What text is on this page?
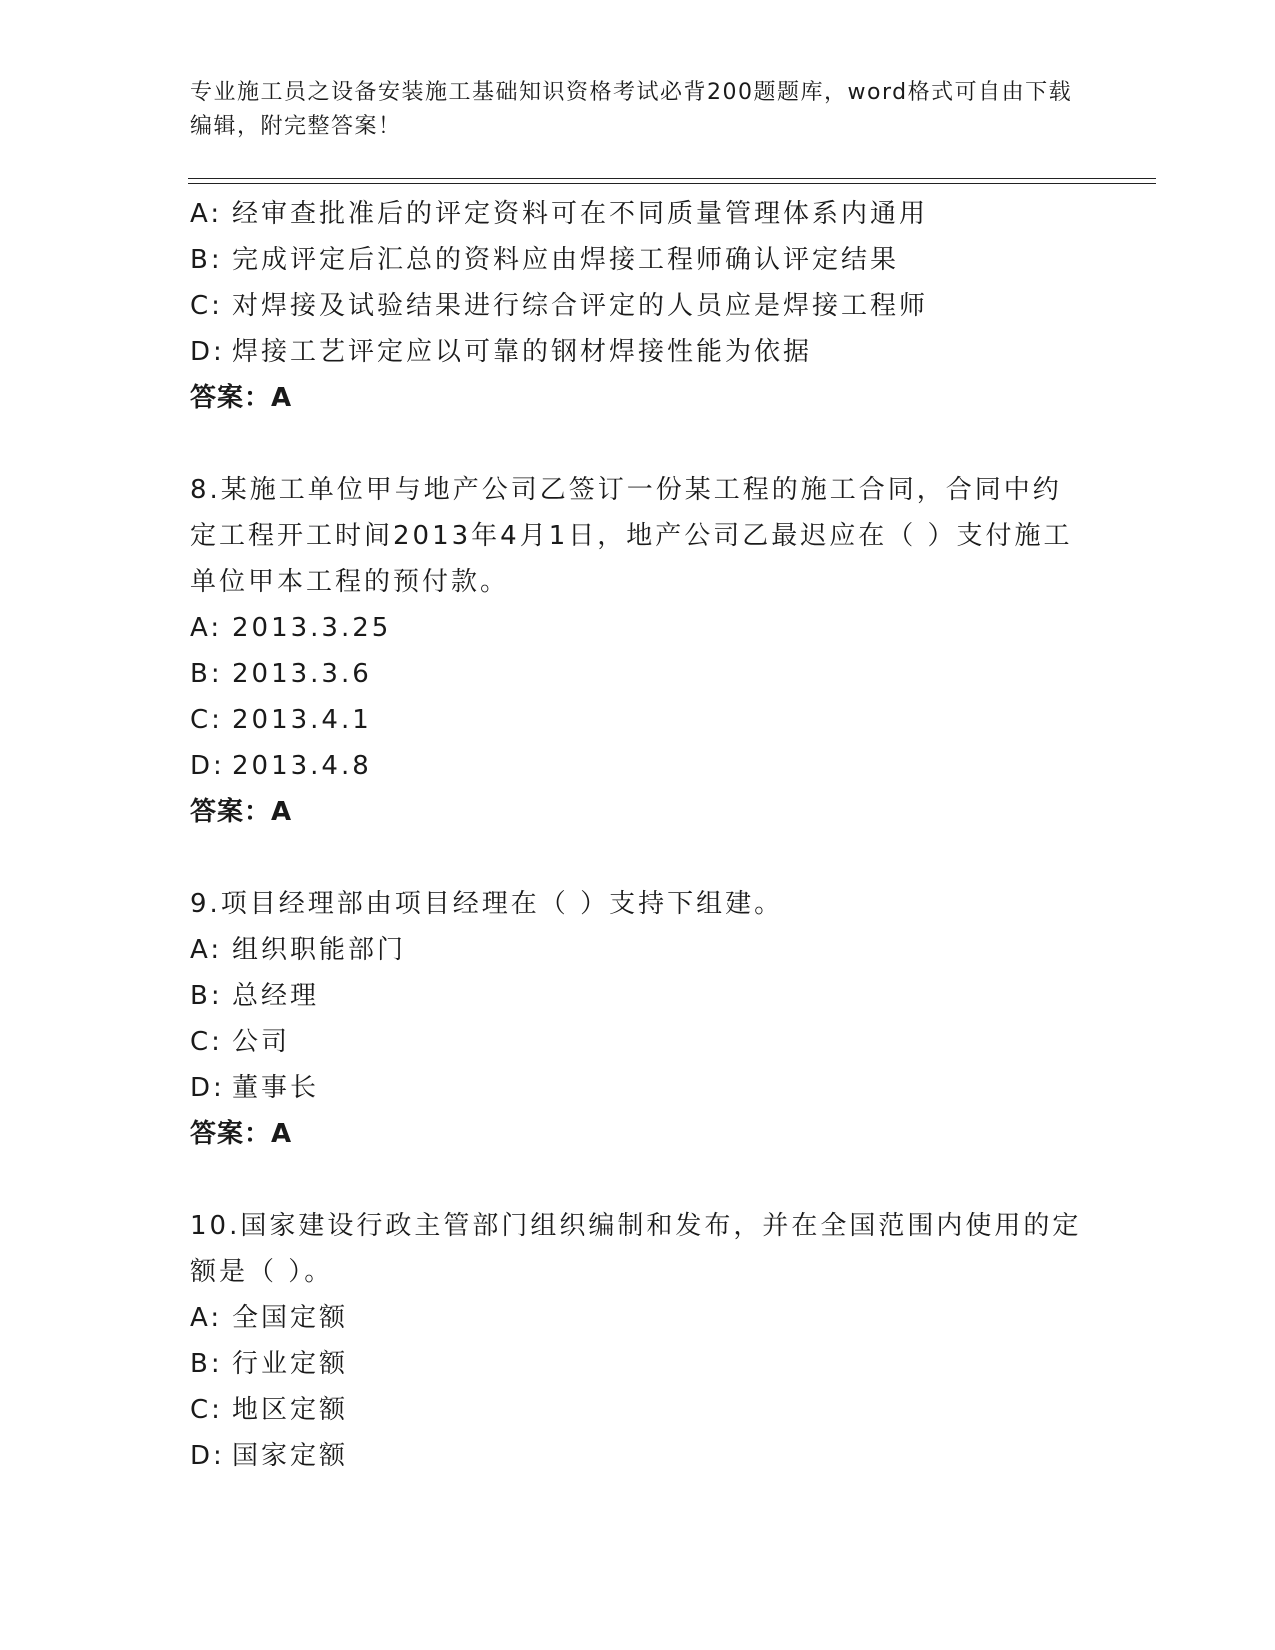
专业施工员之设备安装施工基础知识资格考试必背200题题库，word格式可自由下载编辑，附完整答案！
A: 经审查批准后的评定资料可在不同质量管理体系内通用
B: 完成评定后汇总的资料应由焊接工程师确认评定结果
C: 对焊接及试验结果进行综合评定的人员应是焊接工程师
D: 焊接工艺评定应以可靠的钢材焊接性能为依据
答案：A
8.某施工单位甲与地产公司乙签订一份某工程的施工合同，合同中约定工程开工时间2013年4月1日，地产公司乙最迟应在（ ）支付施工单位甲本工程的预付款。
A: 2013.3.25
B: 2013.3.6
C: 2013.4.1
D: 2013.4.8
答案：A
9.项目经理部由项目经理在（ ）支持下组建。
A: 组织职能部门
B: 总经理
C: 公司
D: 董事长
答案：A
10.国家建设行政主管部门组织编制和发布，并在全国范围内使用的定额是（ ）。
A: 全国定额
B: 行业定额
C: 地区定额
D: 国家定额
